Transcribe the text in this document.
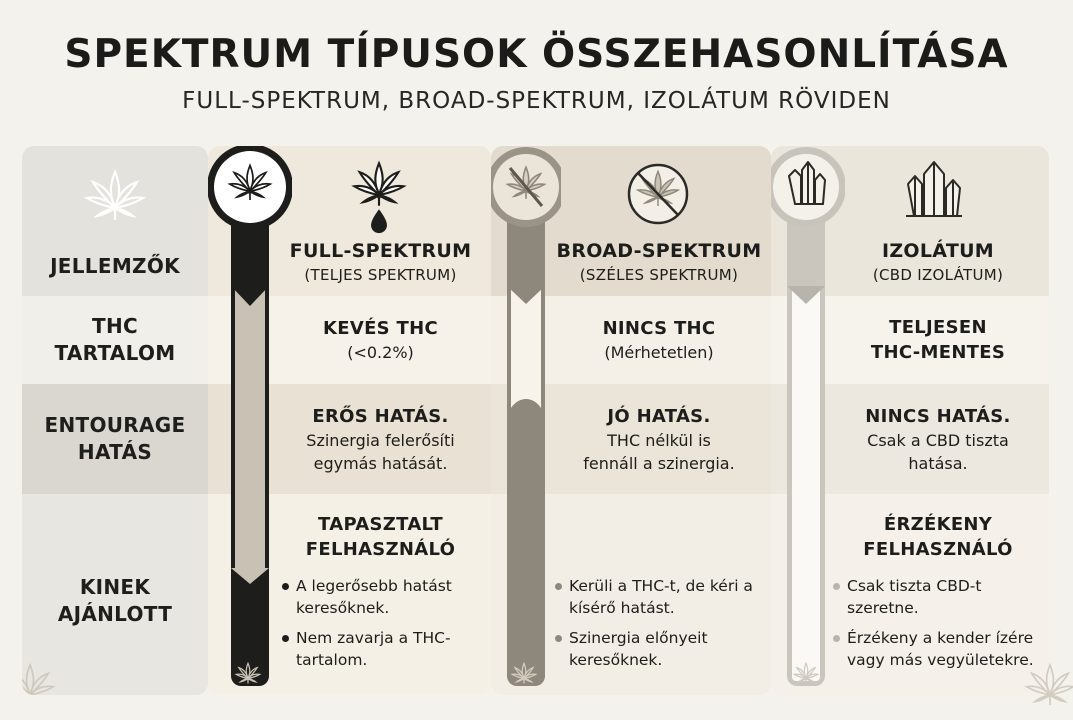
SPEKTRUM TÍPUSOK ÖSSZEHASONLÍTÁSA
FULL-SPEKTRUM, BROAD-SPEKTRUM, IZOLÁTUM RÖVIDEN
JELLEMZŐK
THC
TARTALOM
ENTOURAGE
HATÁS
KINEK
AJÁNLOTT
FULL-SPEKTRUM
(TELJES SPEKTRUM)
KEVÉS THC
(<0.2%)
ERŐS HATÁS.
Szinergia felerősíti
egymás hatását.
TAPASZTALT
FELHASZNÁLÓ
A legerősebb hatást keresőknek.
Nem zavarja a THC-tartalom.
BROAD-SPEKTRUM
(SZÉLES SPEKTRUM)
NINCS THC
(Mérhetetlen)
JÓ HATÁS.
THC nélkül is
fennáll a szinergia.
Kerüli a THC-t, de kéri a kísérő hatást.
Szinergia előnyeit keresőknek.
IZOLÁTUM
(CBD IZOLÁTUM)
TELJESEN
THC-MENTES
NINCS HATÁS.
Csak a CBD tiszta
hatása.
ÉRZÉKENY
FELHASZNÁLÓ
Csak tiszta CBD-t szeretne.
Érzékeny a kender ízére vagy más vegyületekre.
